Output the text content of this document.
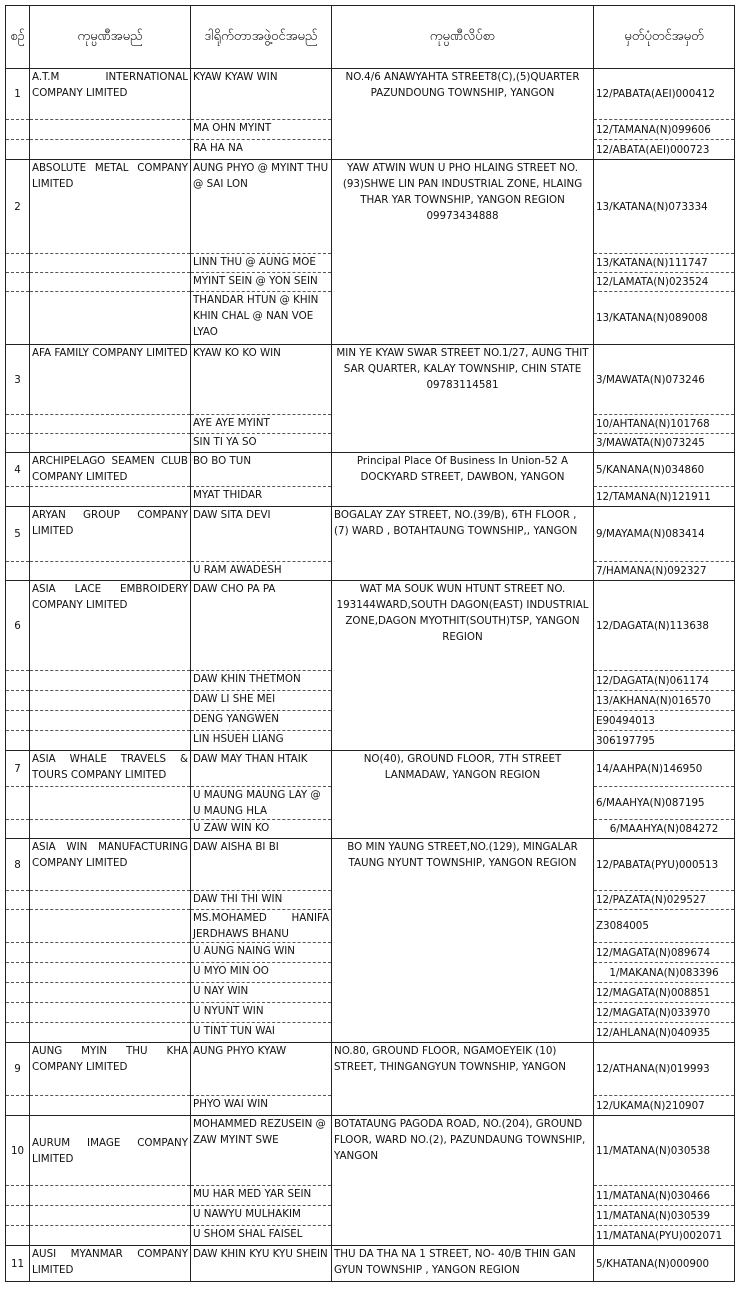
စဉ်	ကုမ္ပဏီအမည်	ဒါရိုက်တာအဖွဲ့ဝင်အမည်	ကုမ္ပဏီလိပ်စာ	မှတ်ပုံတင်အမှတ်
1	A.T.M INTERNATIONAL COMPANY LIMITED	KYAW KYAW WIN	NO.4/6 ANAWYAHTA STREET8(C),(5)QUARTER PAZUNDOUNG TOWNSHIP, YANGON	12/PABATA(AEI)000412
		MA OHN MYINT		12/TAMANA(N)099606
		RA HA NA		12/ABATA(AEI)000723
2	ABSOLUTE METAL COMPANY LIMITED	AUNG PHYO @ MYINT THU @ SAI LON	YAW ATWIN WUN U PHO HLAING STREET NO.(93)SHWE LIN PAN INDUSTRIAL ZONE, HLAING THAR YAR TOWNSHIP, YANGON REGION 09973434888	13/KATANA(N)073334
		LINN THU @ AUNG MOE		13/KATANA(N)111747
		MYINT SEIN @ YON SEIN		12/LAMATA(N)023524
		THANDAR HTUN @ KHIN KHIN CHAL @ NAN VOE LYAO		13/KATANA(N)089008
3	AFA FAMILY COMPANY LIMITED	KYAW KO KO WIN	MIN YE KYAW SWAR STREET NO.1/27, AUNG THIT SAR QUARTER, KALAY TOWNSHIP, CHIN STATE 09783114581	3/MAWATA(N)073246
		AYE AYE MYINT		10/AHTANA(N)101768
		SIN TI YA SO		3/MAWATA(N)073245
4	ARCHIPELAGO SEAMEN CLUB COMPANY LIMITED	BO BO TUN	Principal Place Of Business In Union-52 A DOCKYARD STREET, DAWBON, YANGON	5/KANANA(N)034860
		MYAT THIDAR		12/TAMANA(N)121911
5	ARYAN GROUP COMPANY LIMITED	DAW SITA DEVI	BOGALAY ZAY STREET, NO.(39/B), 6TH FLOOR , (7) WARD , BOTAHTAUNG TOWNSHIP,, YANGON	9/MAYAMA(N)083414
		U RAM AWADESH		7/HAMANA(N)092327
6	ASIA LACE EMBROIDERY COMPANY LIMITED	DAW CHO PA PA	WAT MA SOUK WUN HTUNT STREET NO. 193144WARD,SOUTH DAGON(EAST) INDUSTRIAL ZONE,DAGON MYOTHIT(SOUTH)TSP, YANGON REGION	12/DAGATA(N)113638
		DAW KHIN THETMON		12/DAGATA(N)061174
		DAW LI SHE MEI		13/AKHANA(N)016570
		DENG YANGWEN		E90494013
		LIN HSUEH LIANG		306197795
7	ASIA WHALE TRAVELS & TOURS COMPANY LIMITED	DAW MAY THAN HTAIK	NO(40), GROUND FLOOR, 7TH STREET LANMADAW, YANGON REGION	14/AAHPA(N)146950
		U MAUNG MAUNG LAY @ U MAUNG HLA		6/MAAHYA(N)087195
		U ZAW WIN KO		6/MAAHYA(N)084272
8	ASIA WIN MANUFACTURING COMPANY LIMITED	DAW AISHA BI BI	BO MIN YAUNG STREET,NO.(129), MINGALAR TAUNG NYUNT TOWNSHIP, YANGON REGION	12/PABATA(PYU)000513
		DAW THI THI WIN		12/PAZATA(N)029527
		MS.MOHAMED HANIFA JERDHAWS BHANU		Z3084005
		U AUNG NAING WIN		12/MAGATA(N)089674
		U MYO MIN OO		1/MAKANA(N)083396
		U NAY WIN		12/MAGATA(N)008851
		U NYUNT WIN		12/MAGATA(N)033970
		U TINT TUN WAI		12/AHLANA(N)040935
9	AUNG MYIN THU KHA COMPANY LIMITED	AUNG PHYO KYAW	NO.80, GROUND FLOOR, NGAMOEYEIK (10) STREET, THINGANGYUN TOWNSHIP, YANGON	12/ATHANA(N)019993
		PHYO WAI WIN		12/UKAMA(N)210907
10	AURUM IMAGE COMPANY LIMITED	MOHAMMED REZUSEIN @ ZAW MYINT SWE	BOTATAUNG PAGODA ROAD, NO.(204), GROUND FLOOR, WARD NO.(2), PAZUNDAUNG TOWNSHIP, YANGON	11/MATANA(N)030538
		MU HAR MED YAR SEIN		11/MATANA(N)030466
		U NAWYU MULHAKIM		11/MATANA(N)030539
		U SHOM SHAL FAISEL		11/MATANA(PYU)002071
11	AUSI MYANMAR COMPANY LIMITED	DAW KHIN KYU KYU SHEIN	THU DA THA NA 1 STREET, NO- 40/B THIN GAN GYUN TOWNSHIP , YANGON REGION	5/KHATANA(N)000900
